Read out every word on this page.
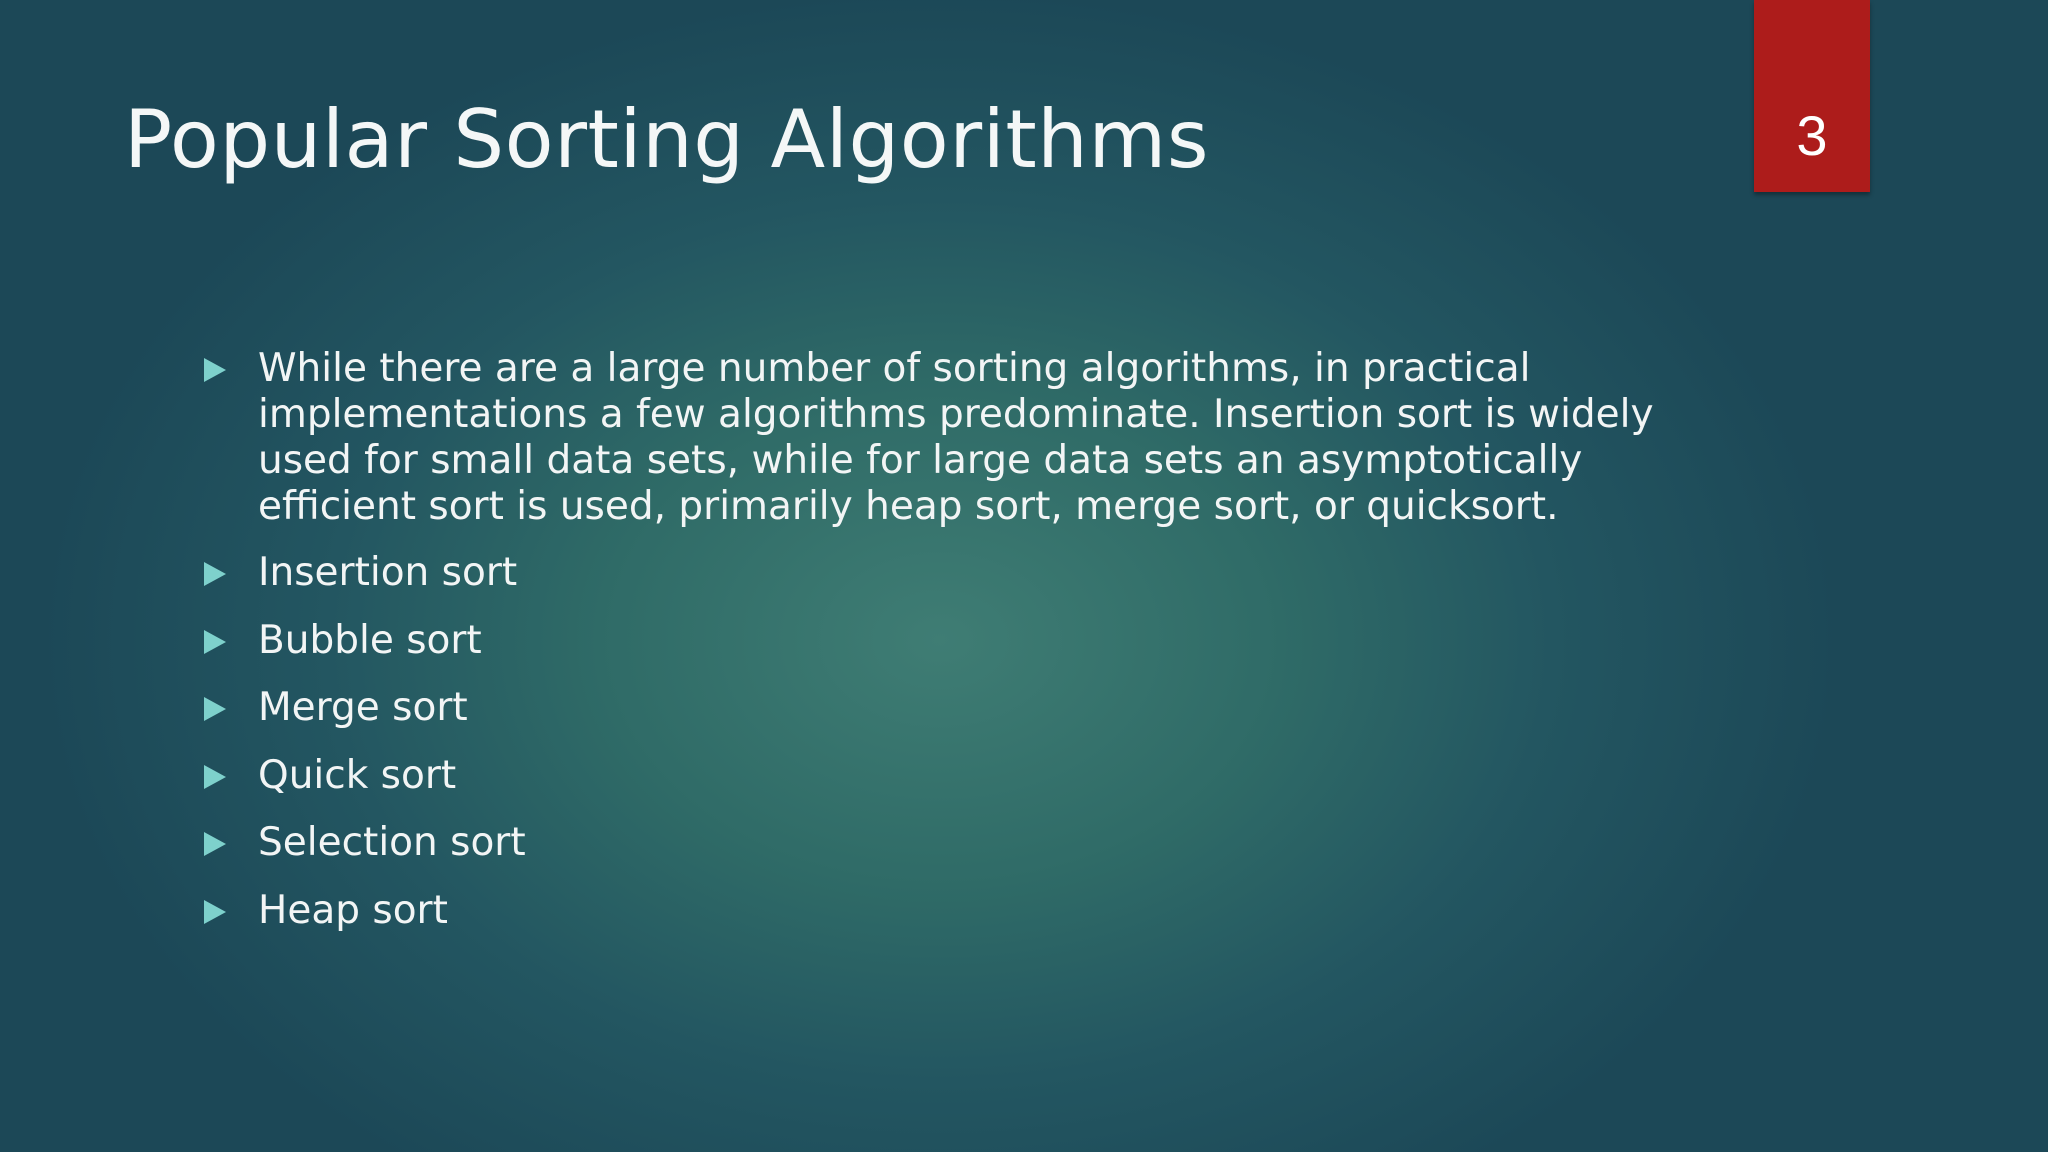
Popular Sorting Algorithms	3
While there are a large number of sorting algorithms, in practical implementations a few algorithms predominate. Insertion sort is widely used for small data sets, while for large data sets an asymptotically efficient sort is used, primarily heap sort, merge sort, or quicksort.
Insertion sort
Bubble sort
Merge sort
Quick sort
Selection sort
Heap sort
